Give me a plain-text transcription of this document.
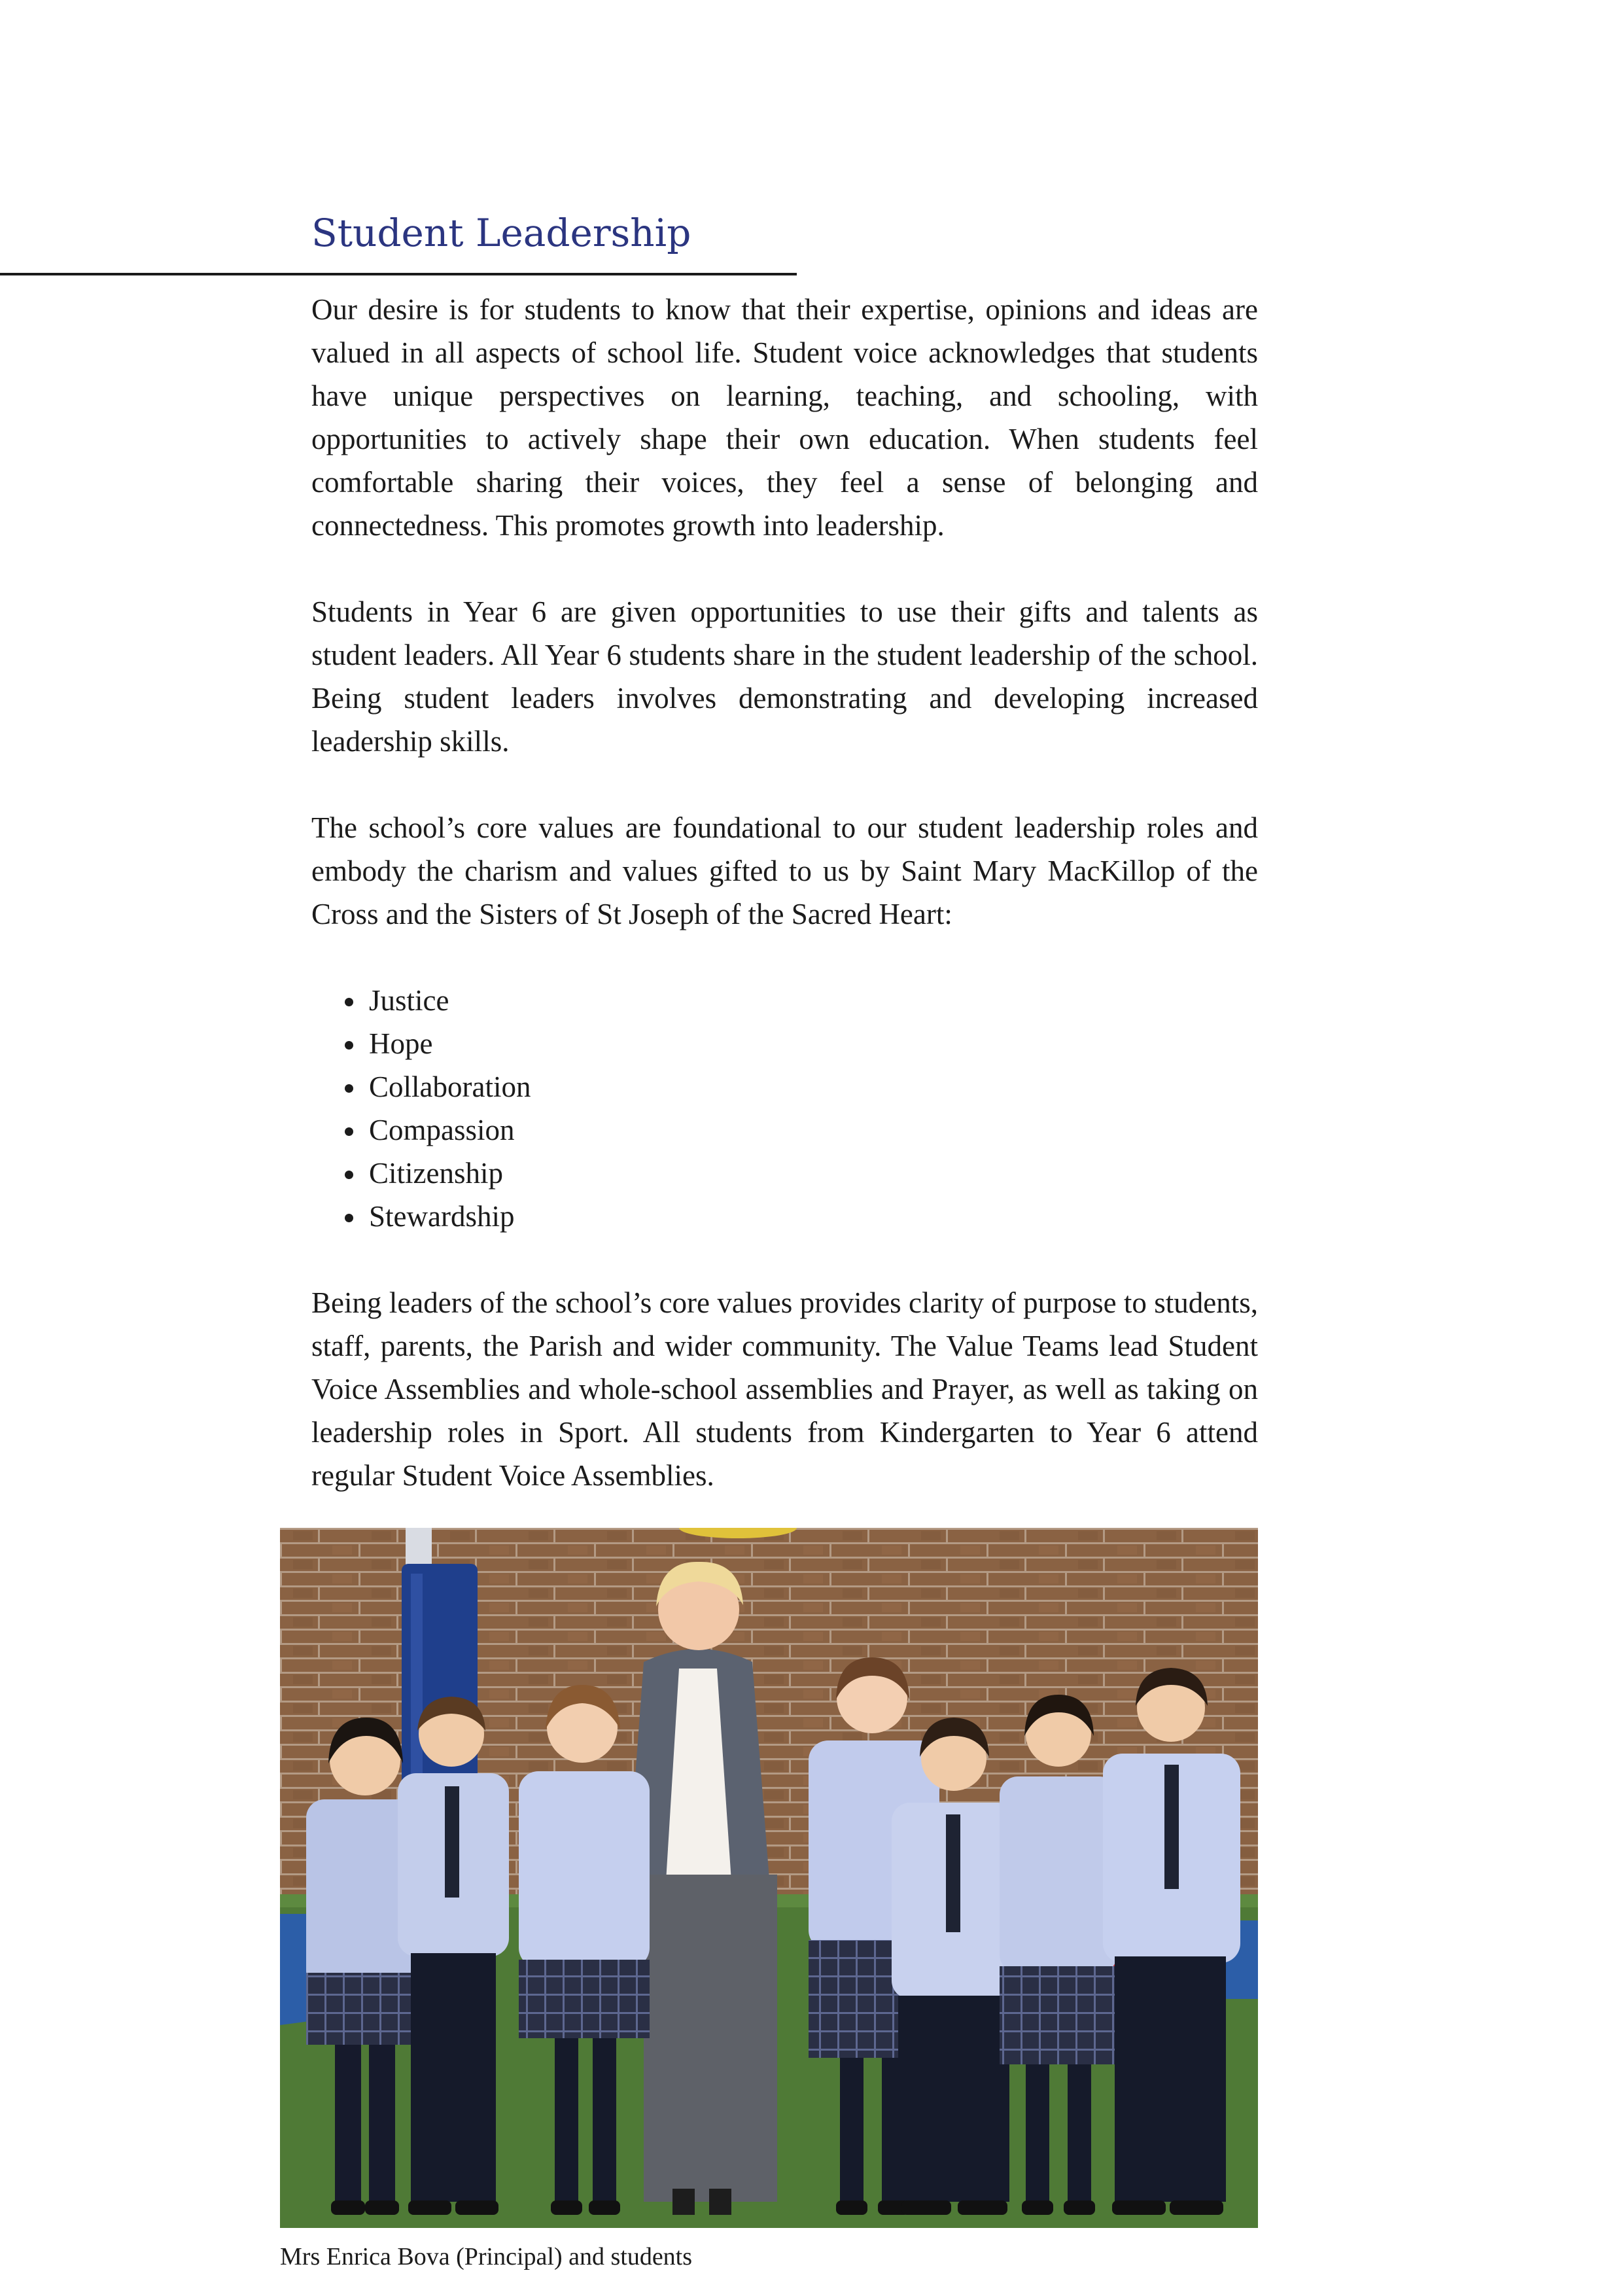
Student Leadership

Our desire is for students to know that their expertise, opinions and ideas are valued in all aspects of school life. Student voice acknowledges that students have unique perspectives on learning, teaching, and schooling, with opportunities to actively shape their own education. When students feel comfortable sharing their voices, they feel a sense of belonging and connectedness. This promotes growth into leadership.

Students in Year 6 are given opportunities to use their gifts and talents as student leaders. All Year 6 students share in the student leadership of the school. Being student leaders involves demonstrating and developing increased leadership skills.

The school’s core values are foundational to our student leadership roles and embody the charism and values gifted to us by Saint Mary MacKillop of the Cross and the Sisters of St Joseph of the Sacred Heart:

• Justice
• Hope
• Collaboration
• Compassion
• Citizenship
• Stewardship

Being leaders of the school’s core values provides clarity of purpose to students, staff, parents, the Parish and wider community. The Value Teams lead Student Voice Assemblies and whole-school assemblies and Prayer, as well as taking on leadership roles in Sport. All students from Kindergarten to Year 6 attend regular Student Voice Assemblies.

Mrs Enrica Bova (Principal) and students
